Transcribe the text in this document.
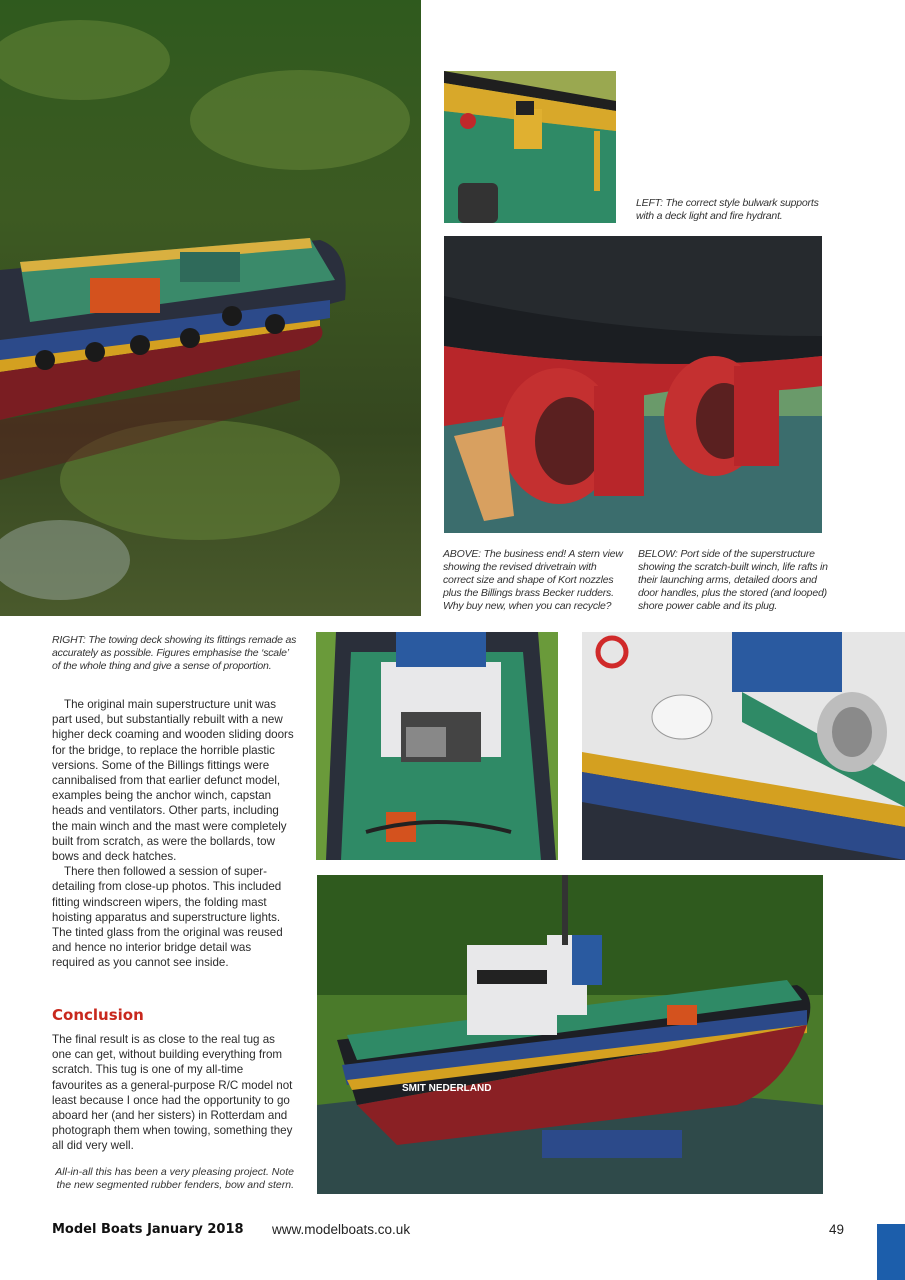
LEFT: The correct style bulwark supports with a deck light and fire hydrant.
ABOVE: The business end! A stern view showing the revised drivetrain with correct size and shape of Kort nozzles plus the Billings brass Becker rudders. Why buy new, when you can recycle?
BELOW: Port side of the superstructure showing the scratch-built winch, life rafts in their launching arms, detailed doors and door handles, plus the stored (and looped) shore power cable and its plug.
RIGHT: The towing deck showing its fittings remade as accurately as possible. Figures emphasise the ‘scale’ of the whole thing and give a sense of proportion.

The original main superstructure unit was part used, but substantially rebuilt with a new higher deck coaming and wooden sliding doors for the bridge, to replace the horrible plastic versions. Some of the Billings fittings were cannibalised from that earlier defunct model, examples being the anchor winch, capstan heads and ventilators. Other parts, including the main winch and the mast were completely built from scratch, as were the bollards, tow bows and deck hatches.

There then followed a session of super-detailing from close-up photos. This included fitting windscreen wipers, the folding mast hoisting apparatus and superstructure lights. The tinted glass from the original was reused and hence no interior bridge detail was required as you cannot see inside.

Conclusion

The final result is as close to the real tug as one can get, without building everything from scratch. This tug is one of my all-time favourites as a general-purpose R/C model not least because I once had the opportunity to go aboard her (and her sisters) in Rotterdam and photograph them when towing, something they all did very well.

All-in-all this has been a very pleasing project. Note the new segmented rubber fenders, bow and stern.
SMIT NEDERLAND
Model Boats January 2018 www.modelboats.co.uk	49
